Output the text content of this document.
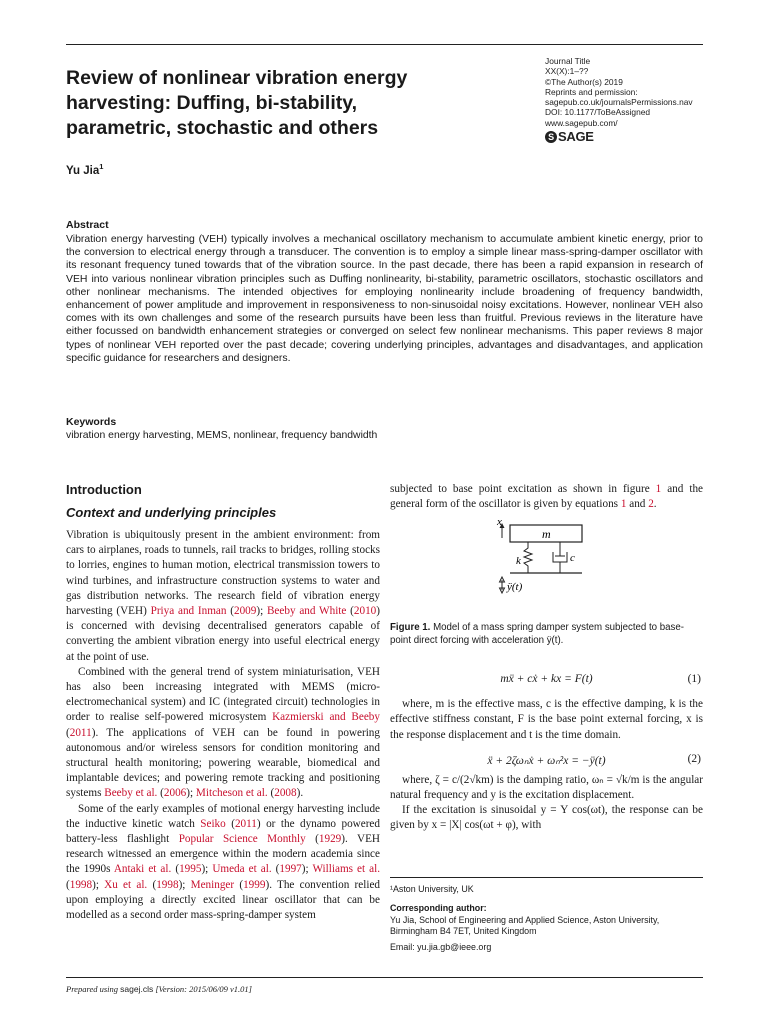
Review of nonlinear vibration energy
harvesting: Duffing, bi-stability,
parametric, stochastic and others
Journal Title
XX(X):1–??
©The Author(s) 2019
Reprints and permission:
sagepub.co.uk/journalsPermissions.nav
DOI: 10.1177/ToBeAssigned
www.sagepub.com/
S SAGE
Yu Jia$^1$
Abstract

Vibration energy harvesting (VEH) typically involves a mechanical oscillatory mechanism to accumulate ambient kinetic energy, prior to the conversion to electrical energy through a transducer. The convention is to employ a simple linear mass-spring-damper oscillator with its resonant frequency tuned towards that of the vibration source. In the past decade, there has been a rapid expansion in research of VEH into various nonlinear vibration principles such as Duffing nonlinearity, bi-stability, parametric oscillators, stochastic oscillators and other nonlinear mechanisms. The intended objectives for employing nonlinearity include broadening of frequency bandwidth, enhancement of power amplitude and improvement in responsiveness to non-sinusoidal noisy excitations. However, nonlinear VEH also comes with its own challenges and some of the research pursuits have been less than fruitful. Previous reviews in the literature have either focussed on bandwidth enhancement strategies or converged on select few nonlinear mechanisms. This paper reviews 8 major types of nonlinear VEH reported over the past decade; covering underlying principles, advantages and disadvantages, and application specific guidance for researchers and designers.

Keywords

vibration energy harvesting, MEMS, nonlinear, frequency bandwidth

Introduction
Context and underlying principles

Vibration is ubiquitously present in the ambient environment: from cars to airplanes, roads to tunnels, rail tracks to bridges, rolling stocks to lorries, engines to human motion, electrical transmission towers to wind turbines, and infrastructure construction systems to water and gas distribution networks. The research field of vibration energy harvesting (VEH) Priya and Inman (2009); Beeby and White (2010) is concerned with devising decentralised generators capable of converting the ambient vibration energy into useful electrical energy at the point of use.

Combined with the general trend of system miniaturisation, VEH has also been increasing integrated with MEMS (micro-electromechanical system) and IC (integrated circuit) technologies in order to realise self-powered microsystem Kazmierski and Beeby (2011). The applications of VEH can be found in powering autonomous and/or wireless sensors for condition monitoring and structural health monitoring; powering wearable, biomedical and implantable devices; and powering remote tracking and positioning systems Beeby et al. (2006); Mitcheson et al. (2008).

Some of the early examples of motional energy harvesting include the inductive kinetic watch Seiko (2011) or the dynamo powered battery-less flashlight Popular Science Monthly (1929). VEH research witnessed an emergence within the modern academia since the 1990s Antaki et al. (1995); Umeda et al. (1997); Williams et al. (1998); Xu et al. (1998); Meninger (1999). The convention relied upon employing a directly excited linear oscillator that can be modelled as a second order mass-spring-damper system

subjected to base point excitation as shown in figure 1 and the general form of the oscillator is given by equations 1 and 2.

x
m
k	c
ÿ(t)

Figure 1. Model of a mass spring damper system subjected to base-point direct forcing with acceleration ÿ(t).

mẍ + cẋ + kx = F(t)	(1)

where, m is the effective mass, c is the effective damping, k is the effective stiffness constant, F is the base point external forcing, x is the response displacement and t is the time domain.

ẍ + 2ζωₙẋ + ωₙ²x = −ÿ(t)	(2)

where, ζ = c/(2√km) is the damping ratio, ωₙ = √k/m is the angular natural frequency and y is the excitation displacement.

If the excitation is sinusoidal y = Y cos(ωt), the response can be given by x = |X| cos(ωt + φ), with

¹Aston University, UK

Corresponding author:

Yu Jia, School of Engineering and Applied Science, Aston University,

Birmingham B4 7ET, United Kingdom

Email: yu.jia.gb@ieee.org

Prepared using sagej.cls [Version: 2015/06/09 v1.01]
